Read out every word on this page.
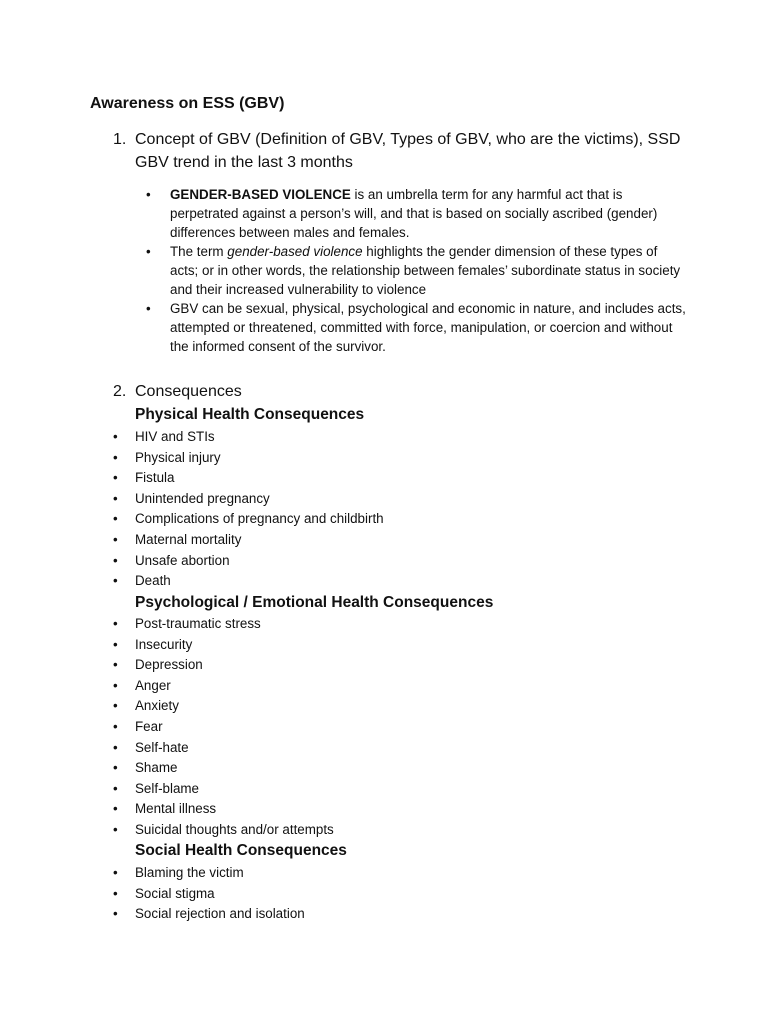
Awareness on ESS (GBV)
1. Concept of GBV (Definition of GBV, Types of GBV, who are the victims), SSD GBV trend in the last 3 months
• GENDER-BASED VIOLENCE is an umbrella term for any harmful act that is perpetrated against a person’s will, and that is based on socially ascribed (gender) differences between males and females.
• The term gender-based violence highlights the gender dimension of these types of acts; or in other words, the relationship between females’ subordinate status in society and their increased vulnerability to violence
• GBV can be sexual, physical, psychological and economic in nature, and includes acts, attempted or threatened, committed with force, manipulation, or coercion and without the informed consent of the survivor.
2. Consequences
Physical Health Consequences
• HIV and STIs
• Physical injury
• Fistula
• Unintended pregnancy
• Complications of pregnancy and childbirth
• Maternal mortality
• Unsafe abortion
• Death
Psychological / Emotional Health Consequences
• Post-traumatic stress
• Insecurity
• Depression
• Anger
• Anxiety
• Fear
• Self-hate
• Shame
• Self-blame
• Mental illness
• Suicidal thoughts and/or attempts
Social Health Consequences
• Blaming the victim
• Social stigma
• Social rejection and isolation
